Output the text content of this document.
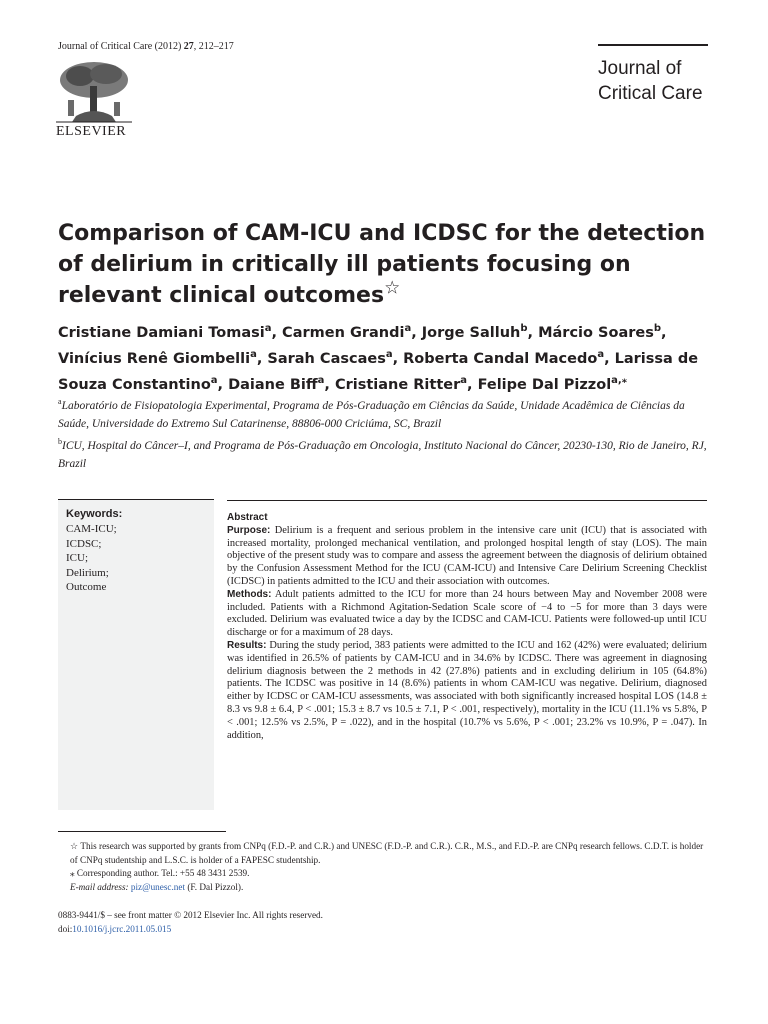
Journal of Critical Care (2012) 27, 212–217
ELSEVIER
Journal of
Critical Care
Comparison of CAM-ICU and ICDSC for the detection of delirium in critically ill patients focusing on relevant clinical outcomes☆
Cristiane Damiani Tomasi$^a$, Carmen Grandi$^a$, Jorge Salluh$^b$, Márcio Soares$^b$, Vinícius Renê Giombelli$^a$, Sarah Cascaes$^a$, Roberta Candal Macedo$^a$, Larissa de Souza Constantino$^a$, Daiane Biff$^a$, Cristiane Ritter$^a$, Felipe Dal Pizzol$^{a,⁎}$
$^a$Laboratório de Fisiopatologia Experimental, Programa de Pós-Graduação em Ciências da Saúde, Unidade Acadêmica de Ciências da Saúde, Universidade do Extremo Sul Catarinense, 88806-000 Criciúma, SC, Brazil
$^b$ICU, Hospital do Câncer–I, and Programa de Pós-Graduação em Oncologia, Instituto Nacional do Câncer, 20230-130, Rio de Janeiro, RJ, Brazil
Keywords:
CAM-ICU;
ICDSC;
ICU;
Delirium;
Outcome

Abstract

Purpose: Delirium is a frequent and serious problem in the intensive care unit (ICU) that is associated with increased mortality, prolonged mechanical ventilation, and prolonged hospital length of stay (LOS). The main objective of the present study was to compare and assess the agreement between the diagnosis of delirium obtained by the Confusion Assessment Method for the ICU (CAM-ICU) and Intensive Care Delirium Screening Checklist (ICDSC) in patients admitted to the ICU and their association with outcomes.

Methods: Adult patients admitted to the ICU for more than 24 hours between May and November 2008 were included. Patients with a Richmond Agitation-Sedation Scale score of −4 to −5 for more than 3 days were excluded. Delirium was evaluated twice a day by the ICDSC and CAM-ICU. Patients were followed-up until ICU discharge or for a maximum of 28 days.

Results: During the study period, 383 patients were admitted to the ICU and 162 (42%) were evaluated; delirium was identified in 26.5% of patients by CAM-ICU and in 34.6% by ICDSC. There was agreement in diagnosing delirium diagnosis between the 2 methods in 42 (27.8%) patients and in excluding delirium in 105 (64.8%) patients. The ICDSC was positive in 14 (8.6%) patients in whom CAM-ICU was negative. Delirium, diagnosed either by ICDSC or CAM-ICU assessments, was associated with both significantly increased hospital LOS (14.8 ± 8.3 vs 9.8 ± 6.4, P < .001; 15.3 ± 8.7 vs 10.5 ± 7.1, P < .001, respectively), mortality in the ICU (11.1% vs 5.8%, P < .001; 12.5% vs 2.5%, P = .022), and in the hospital (10.7% vs 5.6%, P < .001; 23.2% vs 10.9%, P = .047). In addition,

☆ This research was supported by grants from CNPq (F.D.-P. and C.R.) and UNESC (F.D.-P. and C.R.). C.R., M.S., and F.D.-P. are CNPq research fellows. C.D.T. is holder of CNPq studentship and L.S.C. is holder of a FAPESC studentship.

⁎ Corresponding author. Tel.: +55 48 3431 2539.

E-mail address: piz@unesc.net (F. Dal Pizzol).

0883-9441/$ – see front matter © 2012 Elsevier Inc. All rights reserved.
doi:10.1016/j.jcrc.2011.05.015
